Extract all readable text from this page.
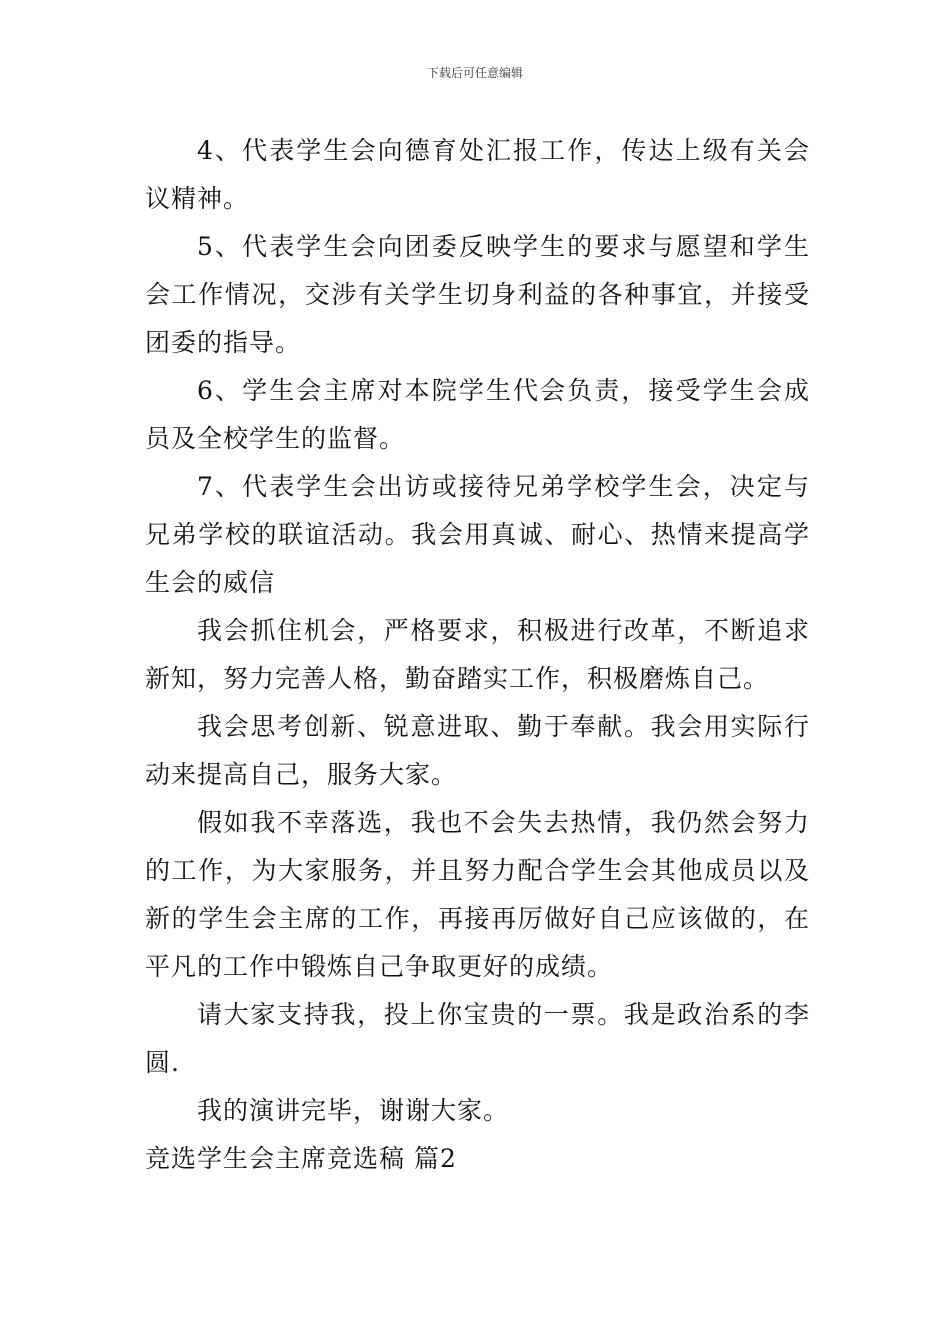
下载后可任意编辑

4、代表学生会向德育处汇报工作，传达上级有关会议精神。

5、代表学生会向团委反映学生的要求与愿望和学生会工作情况，交涉有关学生切身利益的各种事宜，并接受团委的指导。

6、学生会主席对本院学生代会负责，接受学生会成员及全校学生的监督。

7、代表学生会出访或接待兄弟学校学生会，决定与兄弟学校的联谊活动。我会用真诚、耐心、热情来提高学生会的威信

我会抓住机会，严格要求，积极进行改革，不断追求新知，努力完善人格，勤奋踏实工作，积极磨炼自己。

我会思考创新、锐意进取、勤于奉献。我会用实际行动来提高自己，服务大家。

假如我不幸落选，我也不会失去热情，我仍然会努力的工作，为大家服务，并且努力配合学生会其他成员以及新的学生会主席的工作，再接再厉做好自己应该做的，在平凡的工作中锻炼自己争取更好的成绩。

请大家支持我，投上你宝贵的一票。我是政治系的李圆.

我的演讲完毕，谢谢大家。

竞选学生会主席竞选稿 篇2
